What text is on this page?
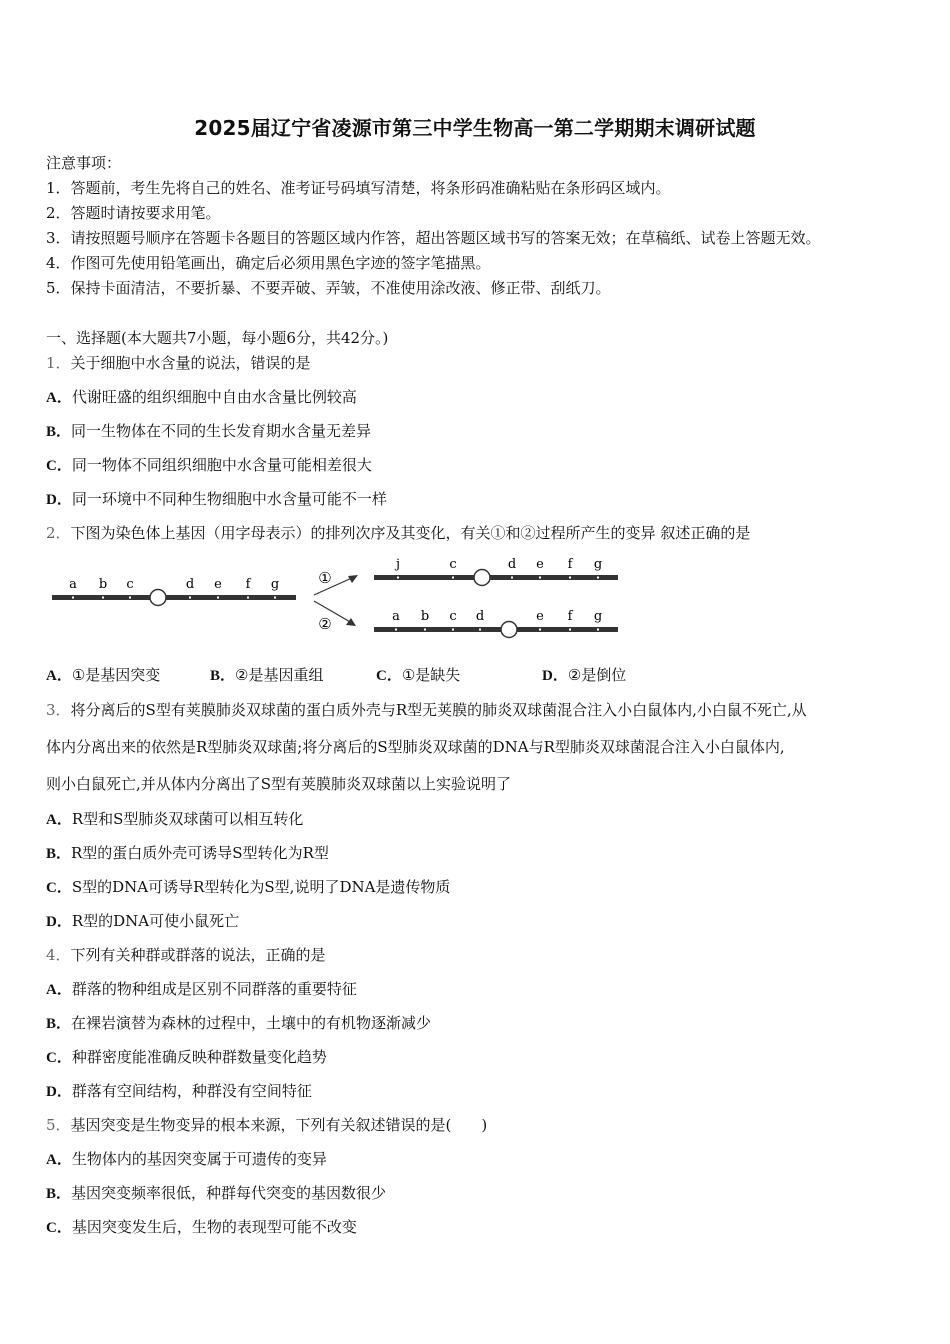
2025届辽宁省凌源市第三中学生物高一第二学期期末调研试题
注意事项：
1．答题前，考生先将自己的姓名、准考证号码填写清楚，将条形码准确粘贴在条形码区域内。
2．答题时请按要求用笔。
3．请按照题号顺序在答题卡各题目的答题区域内作答，超出答题区域书写的答案无效；在草稿纸、试卷上答题无效。
4．作图可先使用铅笔画出，确定后必须用黑色字迹的签字笔描黑。
5．保持卡面清洁，不要折暴、不要弄破、弄皱，不准使用涂改液、修正带、刮纸刀。
一、选择题(本大题共7小题，每小题6分，共42分。)
1．关于细胞中水含量的说法，错误的是
A．代谢旺盛的组织细胞中自由水含量比例较高
B．同一生物体在不同的生长发育期水含量无差异
C．同一物体不同组织细胞中水含量可能相差很大
D．同一环境中不同种生物细胞中水含量可能不一样
2．下图为染色体上基因（用字母表示）的排列次序及其变化，有关①和②过程所产生的变异 叙述正确的是
a b c	d e f g	①
②
j	c	d e f g
a b c d	e f g
A．①是基因突变	B．②是基因重组	C．①是缺失	D．②是倒位
3．将分离后的S型有荚膜肺炎双球菌的蛋白质外壳与R型无荚膜的肺炎双球菌混合注入小白鼠体内,小白鼠不死亡,从
体内分离出来的依然是R型肺炎双球菌;将分离后的S型肺炎双球菌的DNA与R型肺炎双球菌混合注入小白鼠体内,
则小白鼠死亡,并从体内分离出了S型有荚膜肺炎双球菌以上实验说明了
A．R型和S型肺炎双球菌可以相互转化
B．R型的蛋白质外壳可诱导S型转化为R型
C．S型的DNA可诱导R型转化为S型,说明了DNA是遗传物质
D．R型的DNA可使小鼠死亡
4．下列有关种群或群落的说法，正确的是
A．群落的物种组成是区别不同群落的重要特征
B．在裸岩演替为森林的过程中，土壤中的有机物逐渐减少
C．种群密度能准确反映种群数量变化趋势
D．群落有空间结构，种群没有空间特征
5．基因突变是生物变异的根本来源，下列有关叙述错误的是(　　)
A．生物体内的基因突变属于可遗传的变异
B．基因突变频率很低，种群每代突变的基因数很少
C．基因突变发生后，生物的表现型可能不改变
